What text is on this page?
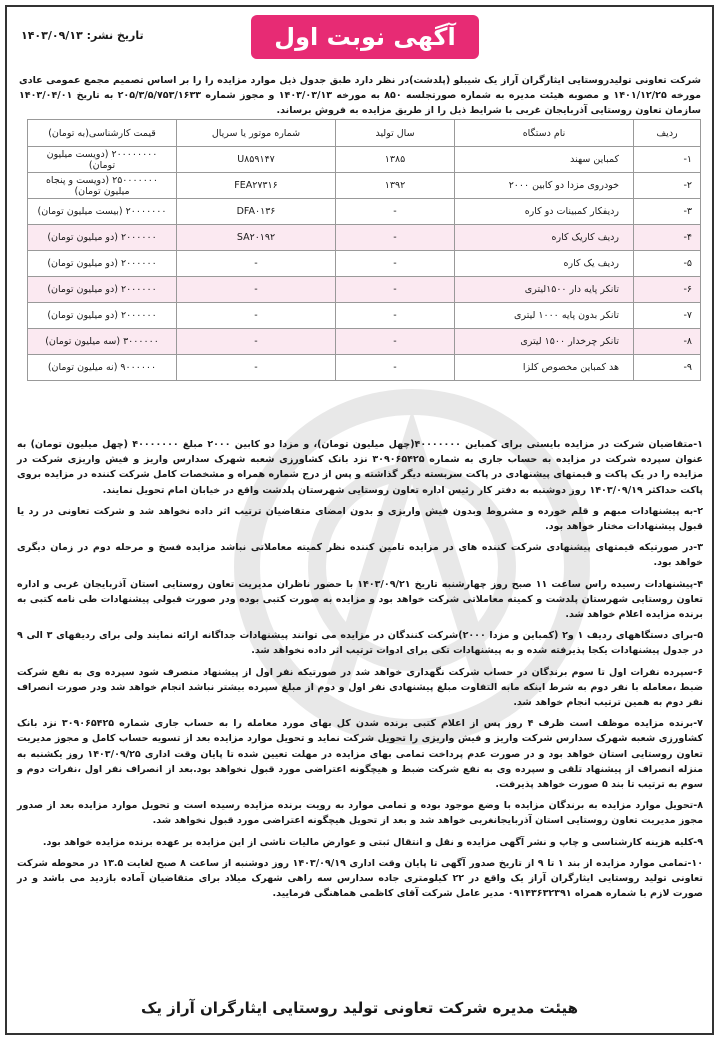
تاریخ نشر: ۱۴۰۳/۰۹/۱۳	آگهی نوبت اول
شرکت تعاونی تولیدروستایی ایثارگران آراز یک شیبلو (پلدشت)در نظر دارد طبق جدول ذیل موارد مزایده را را بر اساس تصمیم مجمع عمومی عادی مورخه ۱۴۰۱/۱۲/۲۵ و مصوبه هیئت مدیره به شماره صورتجلسه ۸۵۰ به مورخه ۱۴۰۳/۰۳/۱۳ و مجوز شماره ۲۰۵/۳/۵/۷۵۳/۱۶۳۳ به تاریخ ۱۴۰۳/۰۴/۰۱ سازمان تعاون روستایی آذربایجان غربی با شرایط ذیل را از طریق مزایده به فروش برساند.
ردیف	نام دستگاه	سال تولید	شماره موتور یا سریال	قیمت کارشناسی(به تومان)
۱-	کمباین سهند	۱۳۸۵	U۸۵۹۱۴۷	۲۰۰۰۰۰۰۰۰ (دویست میلیون تومان)
۲-	خودروی مزدا دو کابین ۲۰۰۰	۱۳۹۲	FEA۲۷۳۱۶	۲۵۰۰۰۰۰۰۰ (دویست و پنجاه میلیون تومان)
۳-	ردیفکار کمبینات دو کاره	-	DFA۰۱۳۶	۲۰۰۰۰۰۰۰ (بیست میلیون تومان)
۴-	ردیف کاریک کاره	-	SA۲۰۱۹۲	۲۰۰۰۰۰۰ (دو میلیون تومان)
۵-	ردیف یک کاره	-	-	۲۰۰۰۰۰۰ (دو میلیون تومان)
۶-	تانکر پایه دار ۱۵۰۰لیتری	-	-	۲۰۰۰۰۰۰ (دو میلیون تومان)
۷-	تانکر بدون پایه ۱۰۰۰ لیتری	-	-	۲۰۰۰۰۰۰ (دو میلیون تومان)
۸-	تانکر چرخدار ۱۵۰۰ لیتری	-	-	۳۰۰۰۰۰۰ (سه میلیون تومان)
۹-	هد کمباین مخصوص کلزا	-	-	۹۰۰۰۰۰۰ (نه میلیون تومان)

۱-متقاضیان شرکت در مزایده بایستی برای کمباین ۴۰۰۰۰۰۰۰(چهل میلیون تومان)، و مزدا دو کابین ۲۰۰۰ مبلغ ۴۰۰۰۰۰۰۰ (چهل میلیون تومان) به عنوان سپرده شرکت در مزایده به حساب جاری به شماره ۳۰۹۰۶۵۴۲۵ نزد بانک کشاورزی شعبه شهرک سدارس واریز و فیش واریزی شرکت در مزایده را در یک پاکت و قیمتهای پیشنهادی در پاکت سربسته دیگر گذاشته و پس از درج شماره همراه و مشخصات کامل شرکت کننده در مزایده بروی پاکت حداکثر ۱۴۰۳/۰۹/۱۹ روز دوشنبه به دفتر کار رئیس اداره تعاون روستایی شهرستان پلدشت واقع در خیابان امام تحویل نمایند.

۲-به پیشنهادات مبهم و قلم خورده و مشروط وبدون فیش واریزی و بدون امضای متقاضیان ترتیب اثر داده نخواهد شد و شرکت تعاونی در رد یا قبول پیشنهادات مختار خواهد بود.

۳-در صورتیکه قیمتهای پیشنهادی شرکت کننده های در مزایده تامین کننده نظر کمیته معاملاتی نباشد مزایده فسخ و مرحله دوم در زمان دیگری خواهد بود.

۴-پیشنهادات رسیده راس ساعت ۱۱ صبح روز چهارشنبه تاریخ ۱۴۰۳/۰۹/۲۱ با حضور ناظران مدیریت تعاون روستایی استان آذربایجان غربی و اداره تعاون روستایی شهرستان پلدشت و کمیته معاملاتی شرکت خواهد بود و مزایده به صورت کتبی بوده ودر صورت قبولی پیشنهادات طی نامه کتبی به برنده مزایده اعلام خواهد شد.

۵-برای دستگاههای ردیف ۱ و۲ (کمباین و مزدا ۲۰۰۰)شرکت کنندگان در مزایده می توانند پیشنهادات جداگانه ارائه نمایند ولی برای ردیفهای ۳ الی ۹ در جدول پیشنهادات یکجا پذیرفته شده و به پیشنهادات تکی برای ادوات ترتیب اثر داده نخواهد شد.

۶-سپرده نفرات اول تا سوم برندگان در حساب شرکت نگهداری خواهد شد در صورتیکه نفر اول از پیشنهاد منصرف شود سپرده وی به نفع شرکت ضبط ،معامله با نفر دوم به شرط اینکه مابه التفاوت مبلغ پیشنهادی نفر اول و دوم از مبلغ سپرده بیشتر نباشد انجام خواهد شد ودر صورت انصراف نفر دوم به همین ترتیب انجام خواهد شد.

۷-برنده مزایده موظف است ظرف ۴ روز پس از اعلام کتبی برنده شدن کل بهای مورد معامله را به حساب جاری شماره ۳۰۹۰۶۵۴۲۵ نزد بانک کشاورزی شعبه شهرک سدارس شرکت واریز و فیش واریزی را تحویل شرکت نماید و تحویل موارد مزایده بعد از تسویه حساب کامل و مجوز مدیریت تعاون روستایی استان خواهد بود و در صورت عدم پرداخت تمامی بهای مزایده در مهلت تعیین شده تا پایان وقت اداری ۱۴۰۳/۰۹/۲۵ روز یکشنبه به منزله انصراف از پیشنهاد تلقی و سپرده وی به نفع شرکت ضبط و هیچگونه اعتراضی مورد قبول نخواهد بود.بعد از انصراف نفر اول ،نفرات دوم و سوم به ترتیب تا بند ۵ صورت خواهد پذیرفت.

۸-تحویل موارد مزایده به برندگان مزایده با وضع موجود بوده و تمامی موارد به رویت برنده مزایده رسیده است و تحویل موارد مزایده بعد از صدور مجوز مدیریت تعاون روستایی استان آذربایجانغربی خواهد شد و بعد از تحویل هیچگونه اعتراضی مورد قبول نخواهد شد.

۹-کلیه هزینه کارشناسی و چاپ و نشر آگهی مزایده و نقل و انتقال ثبتی و عوارض مالیات ناشی از این مزایده بر عهده برنده مزایده خواهد بود.

۱۰-تمامی موارد مزایده از بند ۱ تا ۹ از تاریخ صدور آگهی تا پایان وقت اداری ۱۴۰۳/۰۹/۱۹ روز دوشنبه از ساعت ۸ صبح لغایت ۱۳.۵ در محوطه شرکت تعاونی تولید روستایی ایثارگران آراز یک واقع در ۲۲ کیلومتری جاده سدارس سه راهی شهرک میلاد برای متقاضیان آماده بازدید می باشد و در صورت لازم با شماره همراه ۰۹۱۴۳۶۳۲۳۹۱ مدیر عامل شرکت آقای کاظمی هماهنگی فرمایید.

هیئت مدیره شرکت تعاونی تولید روستایی ایثارگران آراز یک
